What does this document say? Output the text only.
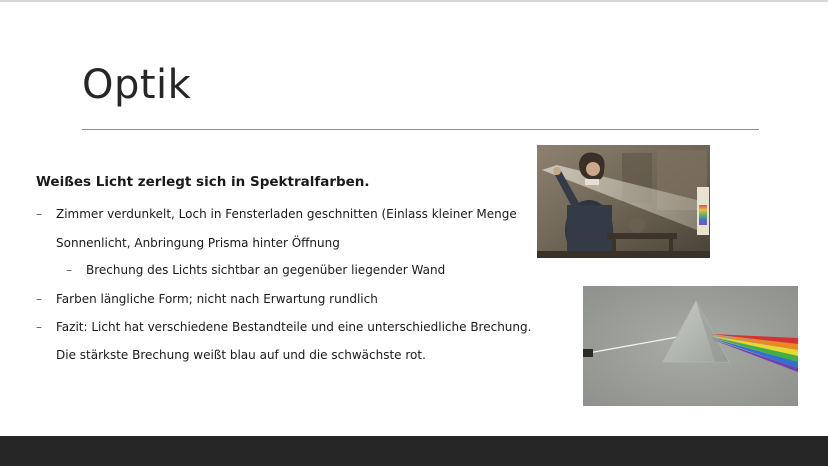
Optik

Weißes Licht zerlegt sich in Spektralfarben.

– Zimmer verdunkelt, Loch in Fensterladen geschnitten (Einlass kleiner Menge
Sonnenlicht, Anbringung Prisma hinter Öffnung
– Brechung des Lichts sichtbar an gegenüber liegender Wand
– Farben längliche Form; nicht nach Erwartung rundlich
– Fazit: Licht hat verschiedene Bestandteile und eine unterschiedliche Brechung.
Die stärkste Brechung weißt blau auf und die schwächste rot.
